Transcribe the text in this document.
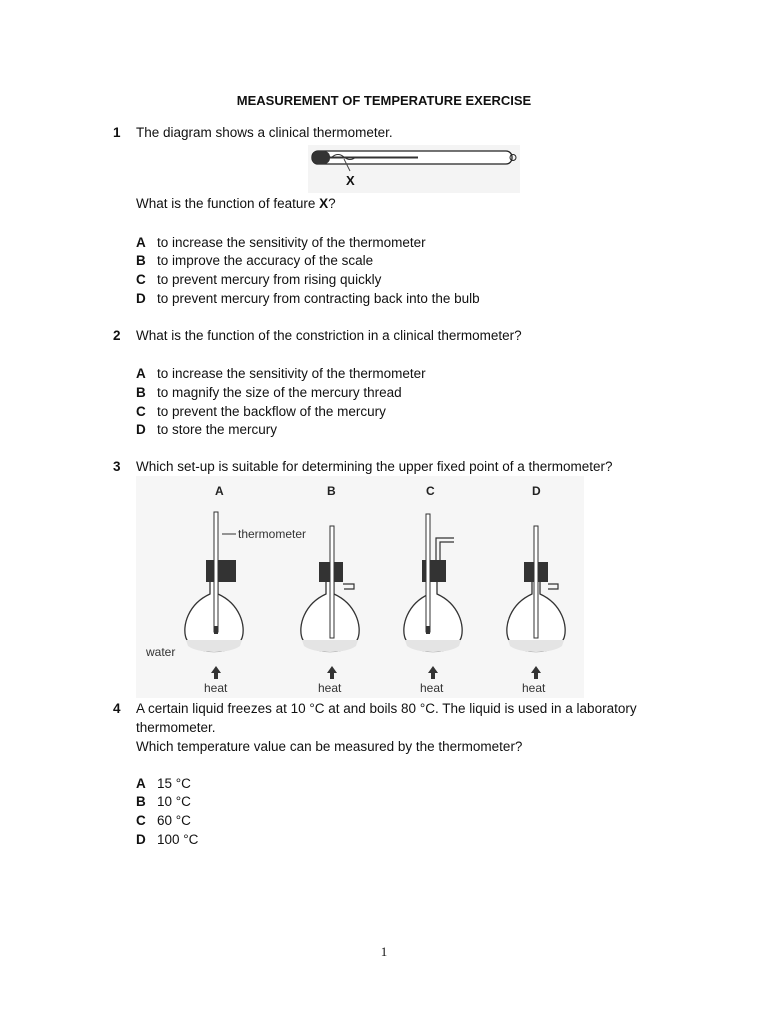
MEASUREMENT OF TEMPERATURE EXERCISE
1 The diagram shows a clinical thermometer.
X
What is the function of feature X?
A to increase the sensitivity of the thermometer
B to improve the accuracy of the scale
C to prevent mercury from rising quickly
D to prevent mercury from contracting back into the bulb
2 What is the function of the constriction in a clinical thermometer?
A to increase the sensitivity of the thermometer
B to magnify the size of the mercury thread
C to prevent the backflow of the mercury
D to store the mercury
3 Which set-up is suitable for determining the upper fixed point of a thermometer?
A	B	C	D
thermometer
water
heat	heat	heat	heat
4 A certain liquid freezes at 10 °C at and boils 80 °C. The liquid is used in a laboratory
thermometer.
Which temperature value can be measured by the thermometer?
A 15 °C
B 10 °C
C 60 °C
D 100 °C
1
